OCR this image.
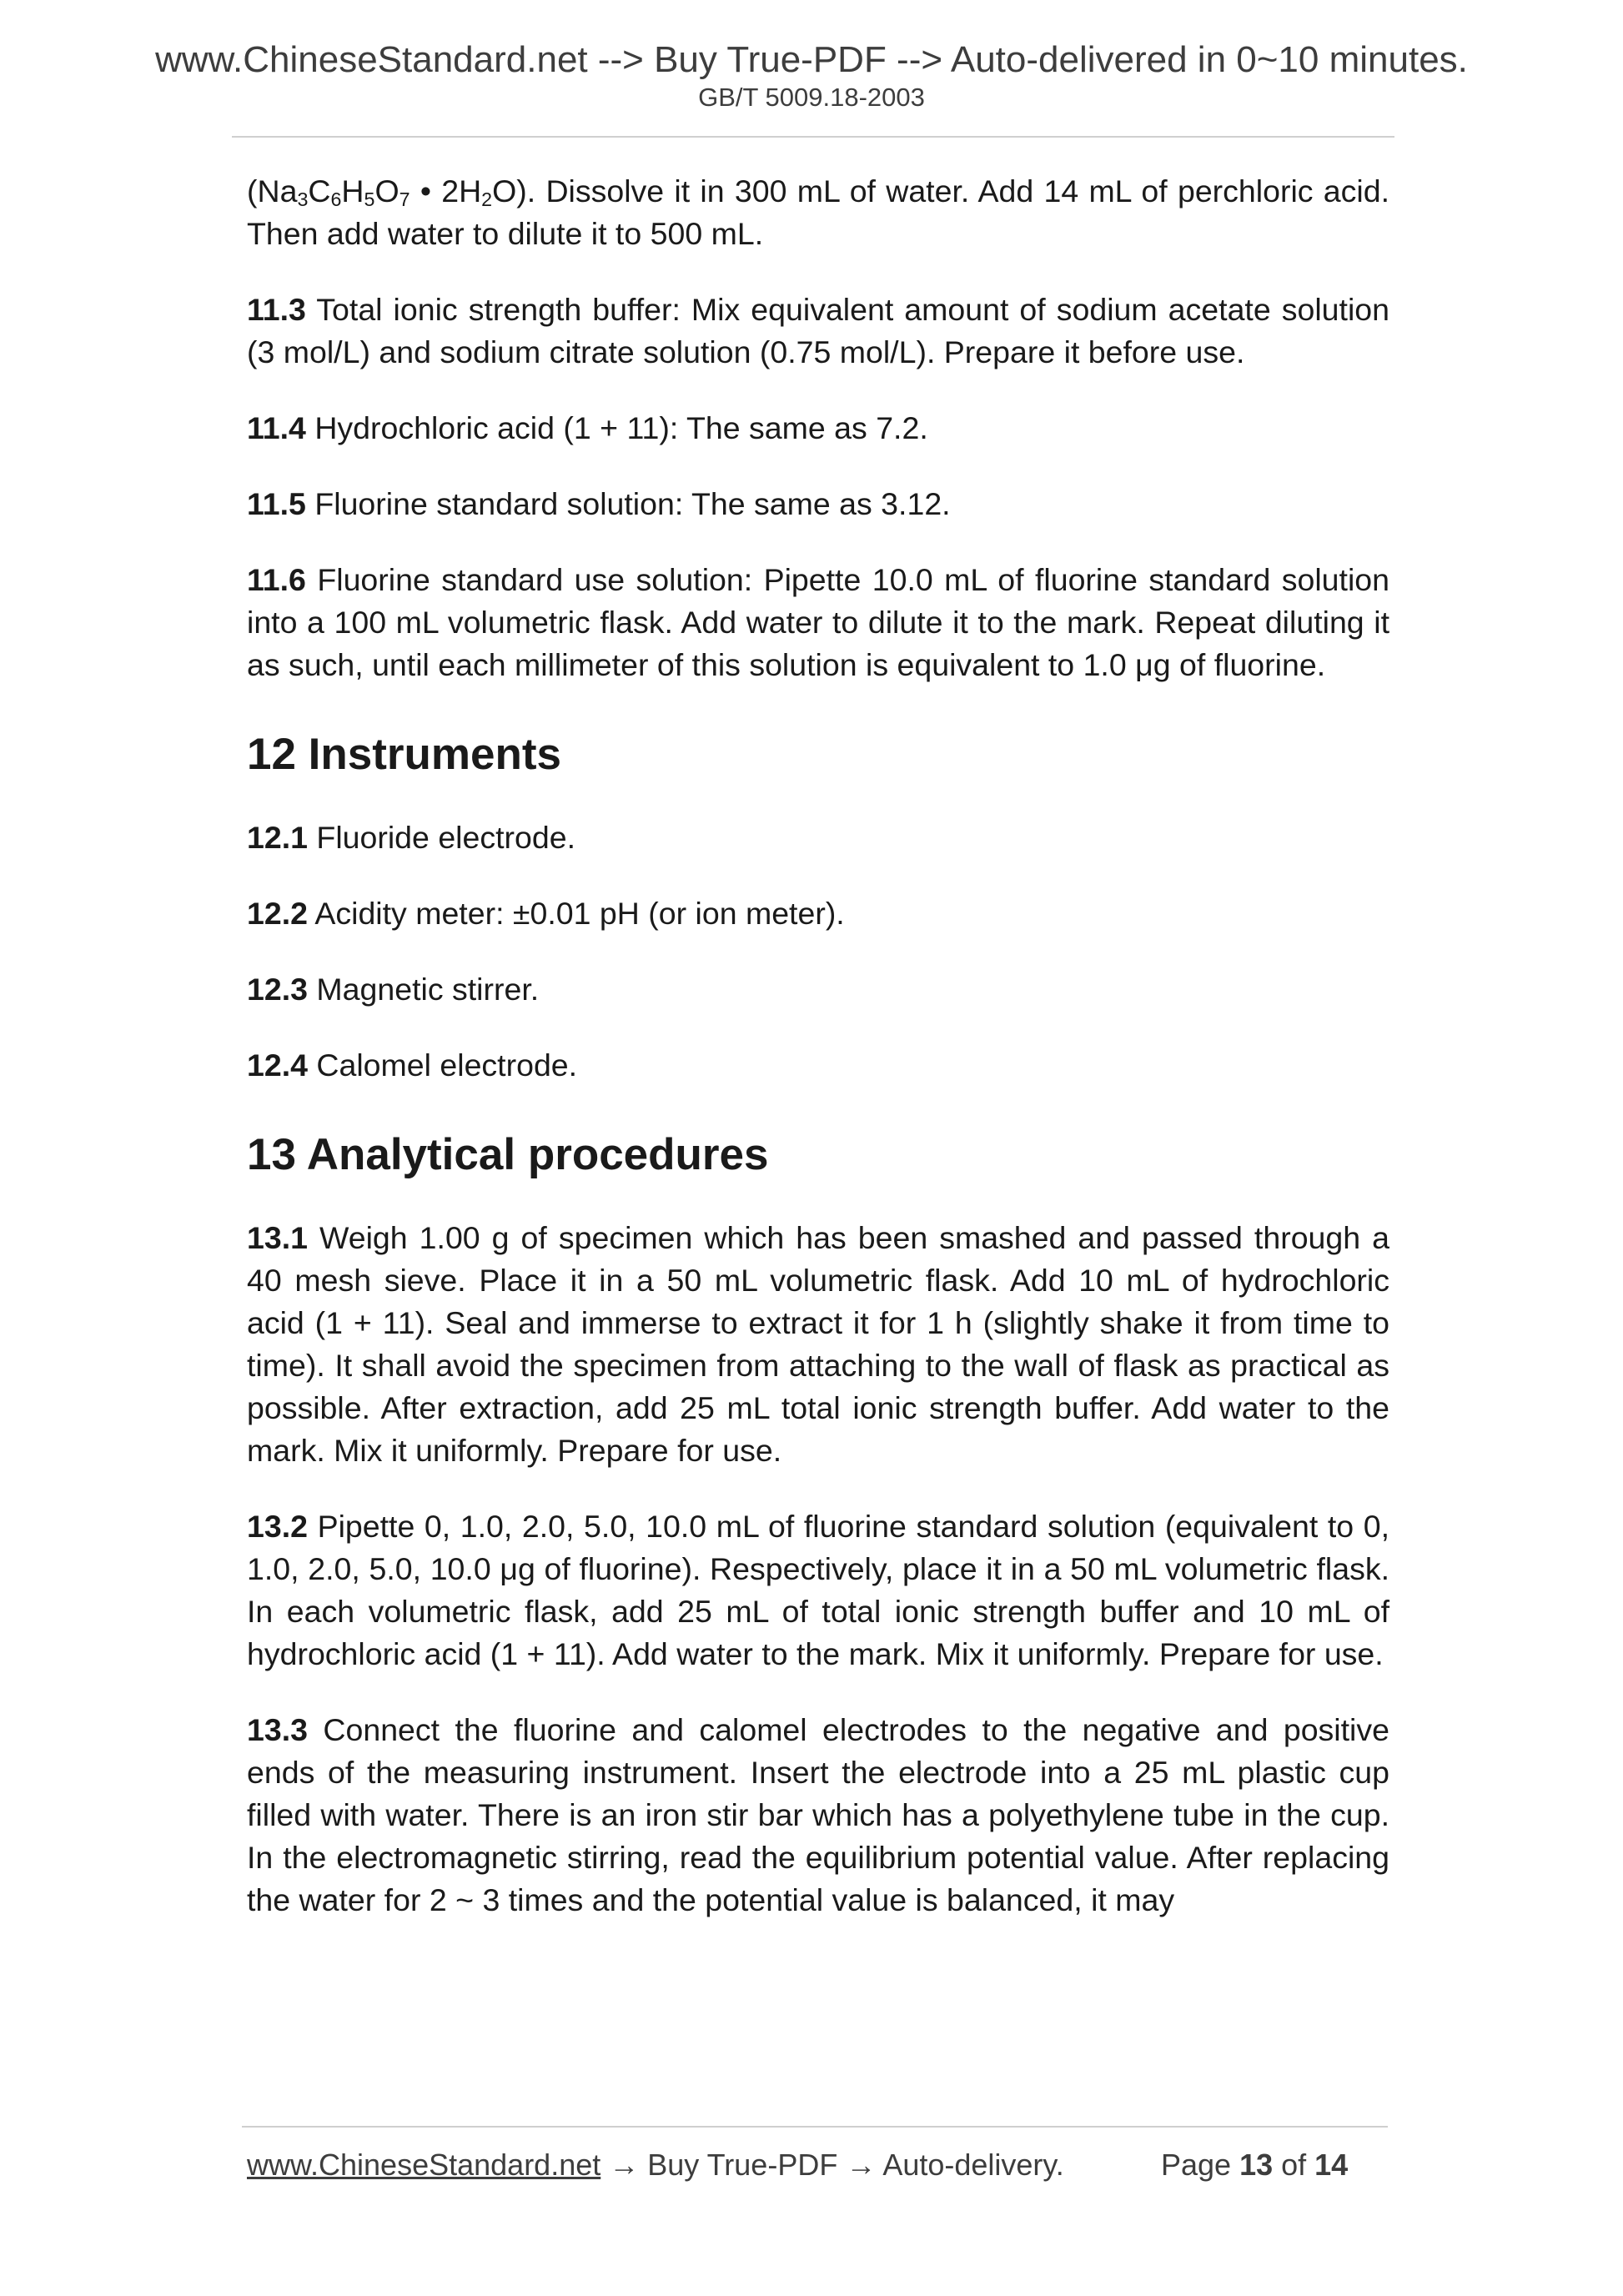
www.ChineseStandard.net --> Buy True-PDF --> Auto-delivered in 0~10 minutes.
GB/T 5009.18-2003

($Na_3C_6H_5O_7$ • $2H_2O$). Dissolve it in 300 mL of water. Add 14 mL of perchloric acid. Then add water to dilute it to 500 mL.

11.3 Total ionic strength buffer: Mix equivalent amount of sodium acetate solution (3 mol/L) and sodium citrate solution (0.75 mol/L). Prepare it before use.

11.4 Hydrochloric acid (1 + 11): The same as 7.2.

11.5 Fluorine standard solution: The same as 3.12.

11.6 Fluorine standard use solution: Pipette 10.0 mL of fluorine standard solution into a 100 mL volumetric flask. Add water to dilute it to the mark. Repeat diluting it as such, until each millimeter of this solution is equivalent to 1.0 μg of fluorine.

12 Instruments

12.1 Fluoride electrode.

12.2 Acidity meter: ±0.01 pH (or ion meter).

12.3 Magnetic stirrer.

12.4 Calomel electrode.

13 Analytical procedures

13.1 Weigh 1.00 g of specimen which has been smashed and passed through a 40 mesh sieve. Place it in a 50 mL volumetric flask. Add 10 mL of hydrochloric acid (1 + 11). Seal and immerse to extract it for 1 h (slightly shake it from time to time). It shall avoid the specimen from attaching to the wall of flask as practical as possible. After extraction, add 25 mL total ionic strength buffer. Add water to the mark. Mix it uniformly. Prepare for use.

13.2 Pipette 0, 1.0, 2.0, 5.0, 10.0 mL of fluorine standard solution (equivalent to 0, 1.0, 2.0, 5.0, 10.0 μg of fluorine). Respectively, place it in a 50 mL volumetric flask. In each volumetric flask, add 25 mL of total ionic strength buffer and 10 mL of hydrochloric acid (1 + 11). Add water to the mark. Mix it uniformly. Prepare for use.

13.3 Connect the fluorine and calomel electrodes to the negative and positive ends of the measuring instrument. Insert the electrode into a 25 mL plastic cup filled with water. There is an iron stir bar which has a polyethylene tube in the cup. In the electromagnetic stirring, read the equilibrium potential value. After replacing the water for 2 ~ 3 times and the potential value is balanced, it may

www.ChineseStandard.net → Buy True-PDF → Auto-delivery.	Page 13 of 14
